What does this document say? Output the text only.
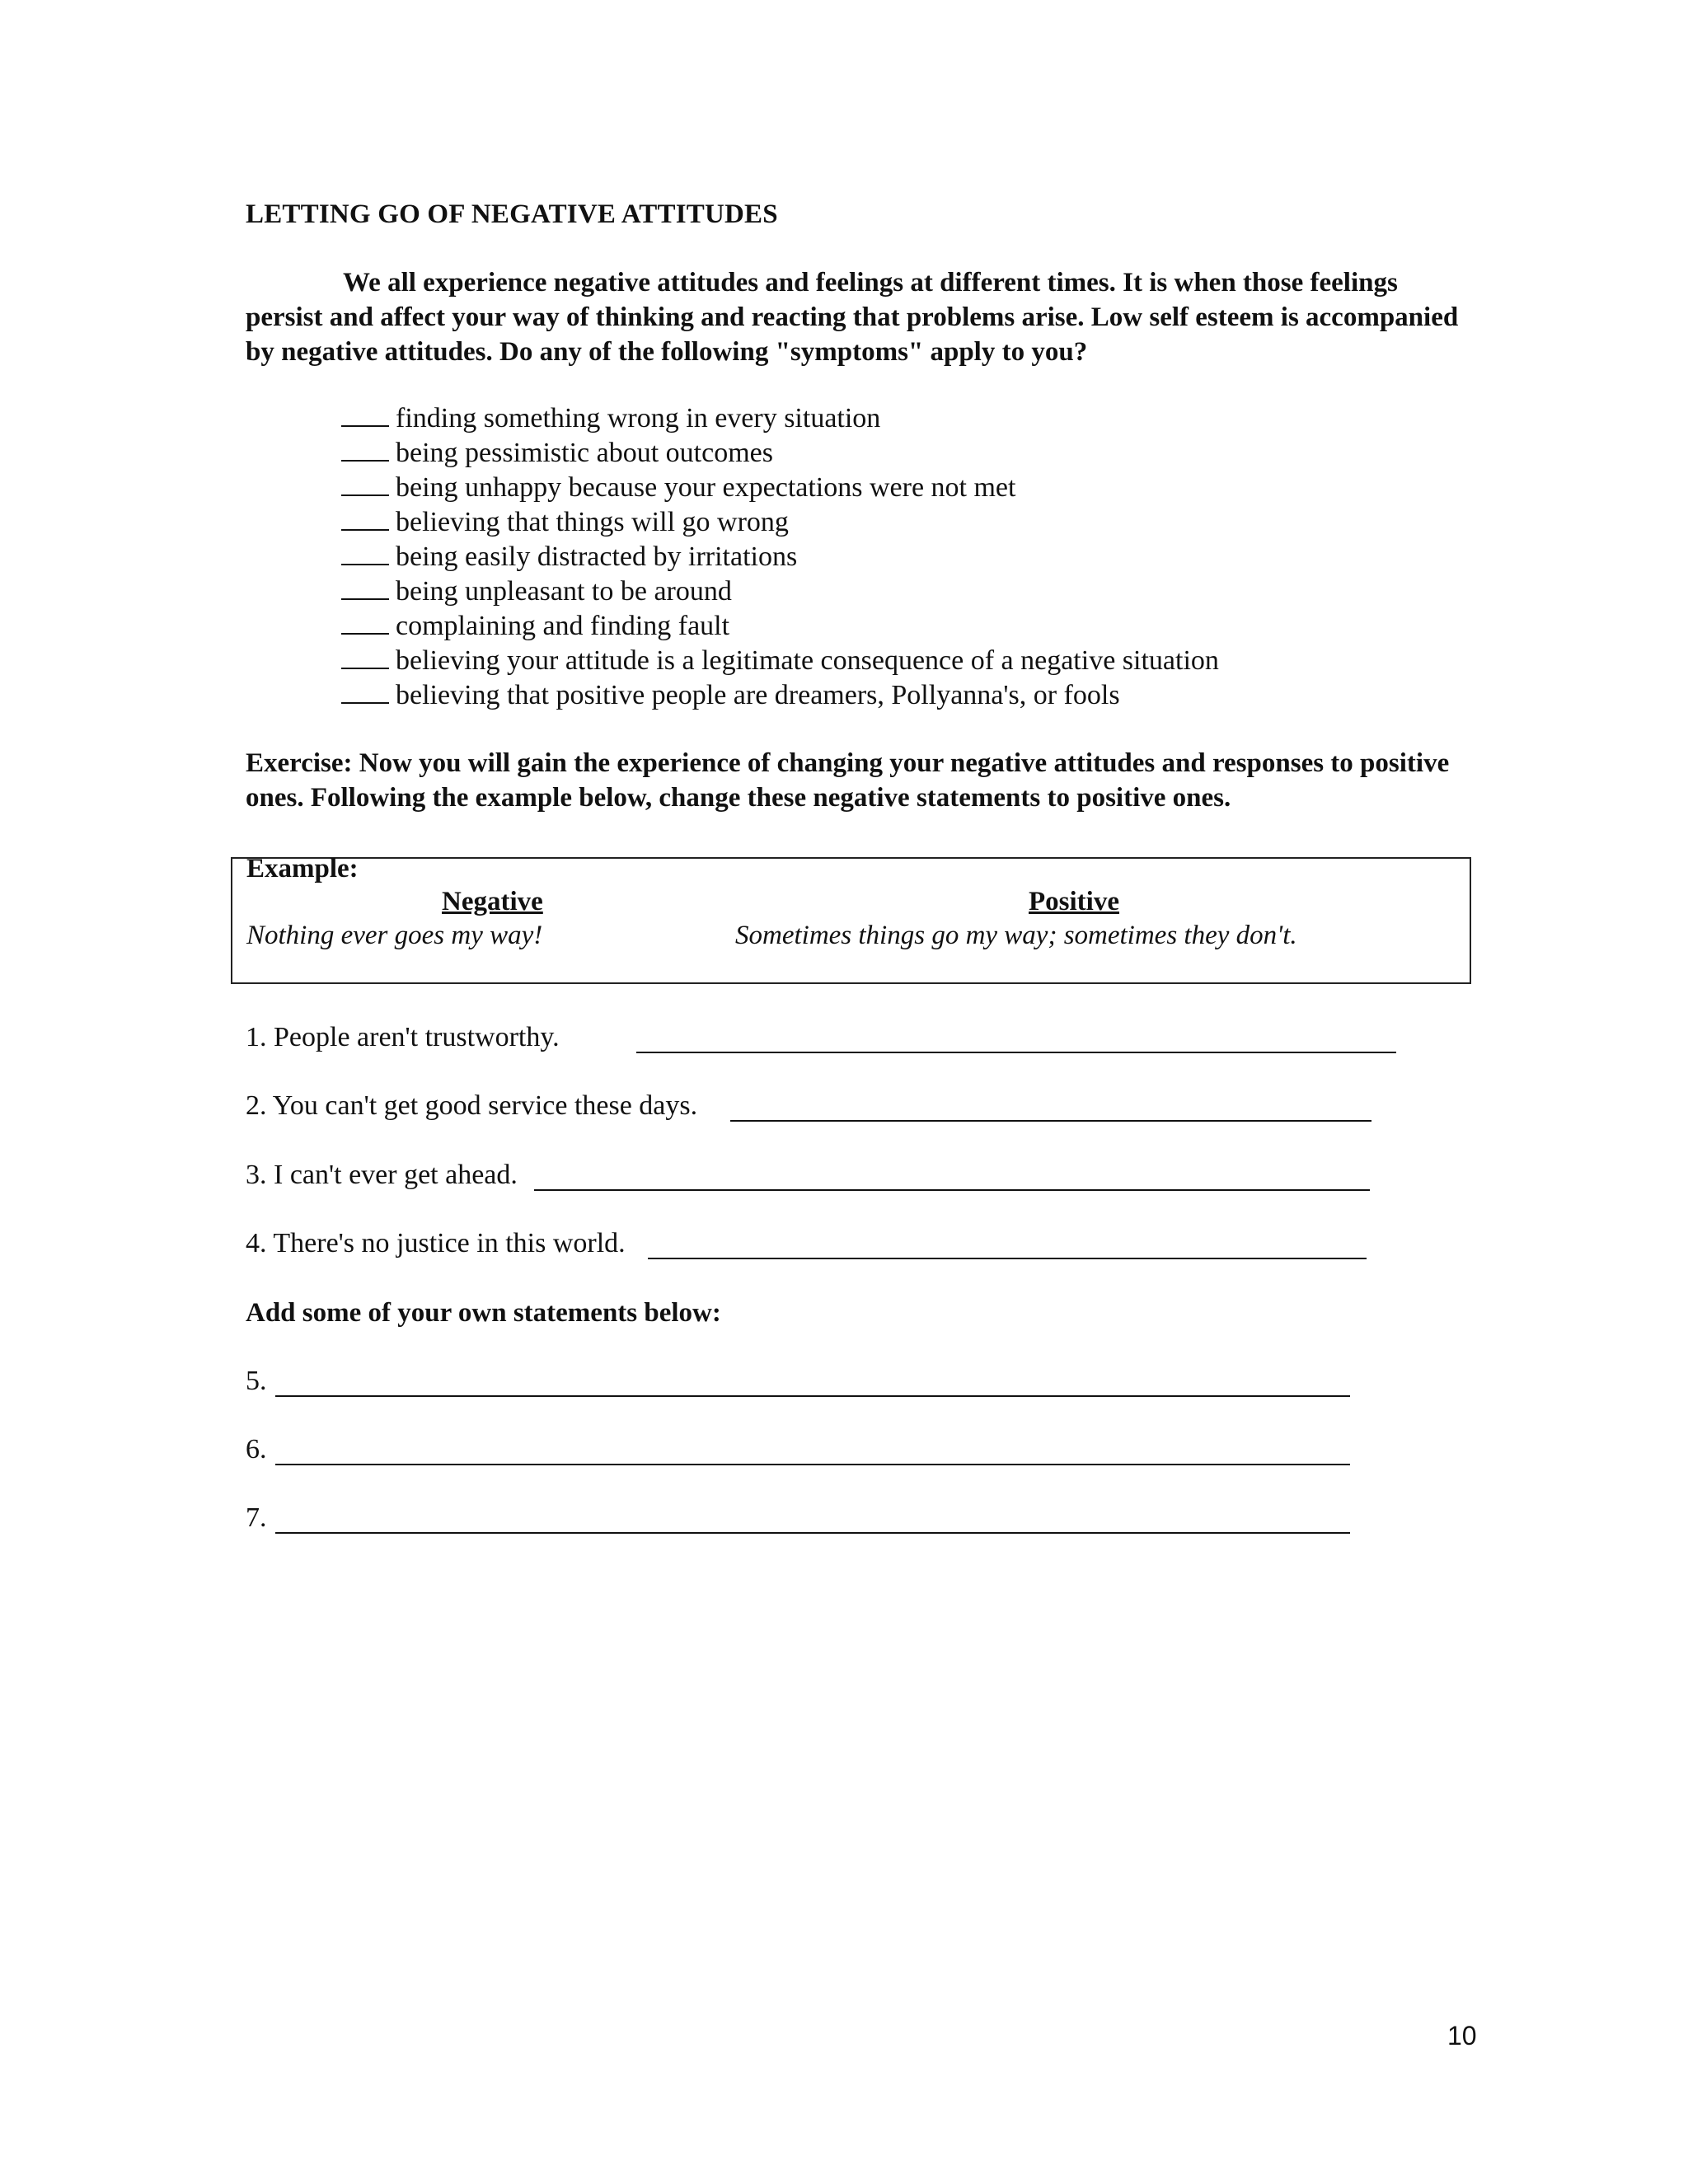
LETTING GO OF NEGATIVE ATTITUDES
We all experience negative attitudes and feelings at different times. It is when those feelings persist and affect your way of thinking and reacting that problems arise. Low self esteem is accompanied by negative attitudes. Do any of the following "symptoms" apply to you?
finding something wrong in every situation
being pessimistic about outcomes
being unhappy because your expectations were not met
believing that things will go wrong
being easily distracted by irritations
being unpleasant to be around
complaining and finding fault
believing your attitude is a legitimate consequence of a negative situation
believing that positive people are dreamers, Pollyanna's, or fools
Exercise: Now you will gain the experience of changing your negative attitudes and responses to positive ones. Following the example below, change these negative statements to positive ones.
Example:
Negative	Positive
Nothing ever goes my way!	Sometimes things go my way; sometimes they don't.
1. People aren't trustworthy.
2. You can't get good service these days.
3. I can't ever get ahead.
4. There's no justice in this world.
Add some of your own statements below:
5.
6.
7.
10
